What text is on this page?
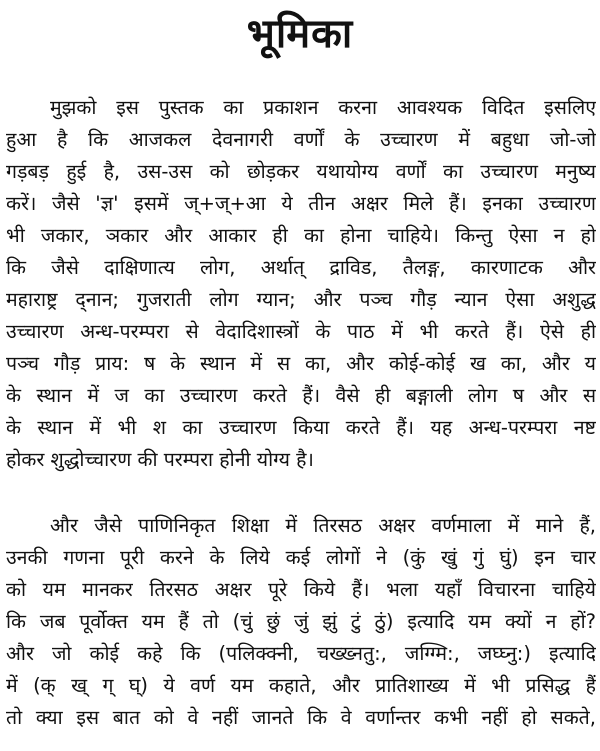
भूमिका
मुझको इस पुस्तक का प्रकाशन करना आवश्यक विदित इसलिए
हुआ है कि आजकल देवनागरी वर्णों के उच्चारण में बहुधा जो-जो
गड़बड़ हुई है, उस-उस को छोड़कर यथायोग्य वर्णों का उच्चारण मनुष्य
करें। जैसे 'ज्ञ' इसमें ज्+ज्+आ ये तीन अक्षर मिले हैं। इनका उच्चारण
भी जकार, ञकार और आकार ही का होना चाहिये। किन्तु ऐसा न हो
कि जैसे दाक्षिणात्य लोग, अर्थात् द्राविड, तैलङ्ग, कारणाटक और
महाराष्ट्र द्नान; गुजराती लोग ग्यान; और पञ्च गौड़ न्यान ऐसा अशुद्ध
उच्चारण अन्ध-परम्परा से वेदादिशास्त्रों के पाठ में भी करते हैं। ऐसे ही
पञ्च गौड़ प्राय: ष के स्थान में स का, और कोई-कोई ख का, और य
के स्थान में ज का उच्चारण करते हैं। वैसे ही बङ्गाली लोग ष और स
के स्थान में भी श का उच्चारण किया करते हैं। यह अन्ध-परम्परा नष्ट
होकर शुद्धोच्चारण की परम्परा होनी योग्य है।
और जैसे पाणिनिकृत शिक्षा में तिरसठ अक्षर वर्णमाला में माने हैं,
उनकी गणना पूरी करने के लिये कई लोगों ने (कुं खुं गुं घुं) इन चार
को यम मानकर तिरसठ अक्षर पूरे किये हैं। भला यहाँ विचारना चाहिये
कि जब पूर्वोक्त यम हैं तो (चुं छुं जुं झुं टुं ठुं) इत्यादि यम क्यों न हों?
और जो कोई कहे कि (पलिक्क्नी, चख्ख्नतु:, जग्ग्मि:, जघ्घ्नु:) इत्यादि
में (क् ख् ग् घ्) ये वर्ण यम कहाते, और प्रातिशाख्य में भी प्रसिद्ध हैं
तो क्या इस बात को वे नहीं जानते कि वे वर्णान्तर कभी नहीं हो सकते,
